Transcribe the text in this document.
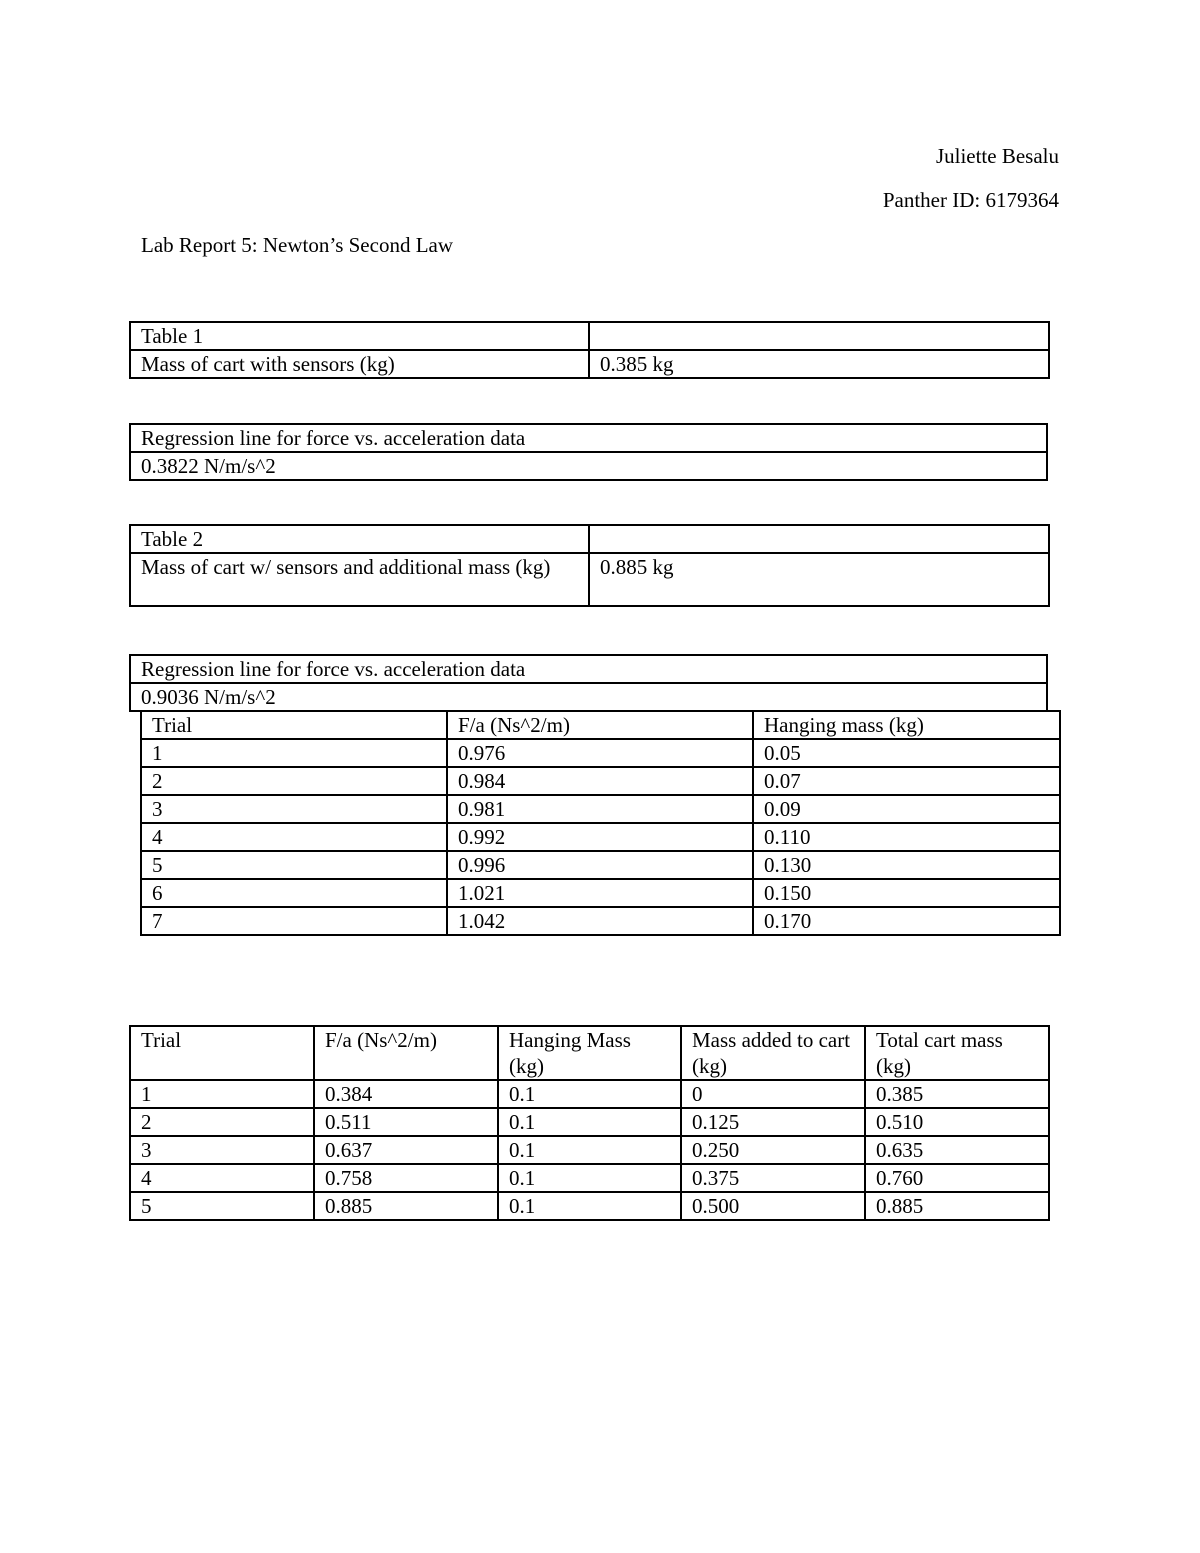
Juliette Besalu
Panther ID: 6179364
Lab Report 5: Newton’s Second Law
Table 1	
Mass of cart with sensors (kg)	0.385 kg
Regression line for force vs. acceleration data
0.3822 N/m/s^2
Table 2	
Mass of cart w/ sensors and additional mass (kg)	0.885 kg
Regression line for force vs. acceleration data
0.9036 N/m/s^2
Trial	F/a (Ns^2/m)	Hanging mass (kg)
1	0.976	0.05
2	0.984	0.07
3	0.981	0.09
4	0.992	0.110
5	0.996	0.130
6	1.021	0.150
7	1.042	0.170
Trial	F/a (Ns^2/m)	Hanging Mass (kg)	Mass added to cart (kg)	Total cart mass (kg)
1	0.384	0.1	0	0.385
2	0.511	0.1	0.125	0.510
3	0.637	0.1	0.250	0.635
4	0.758	0.1	0.375	0.760
5	0.885	0.1	0.500	0.885
